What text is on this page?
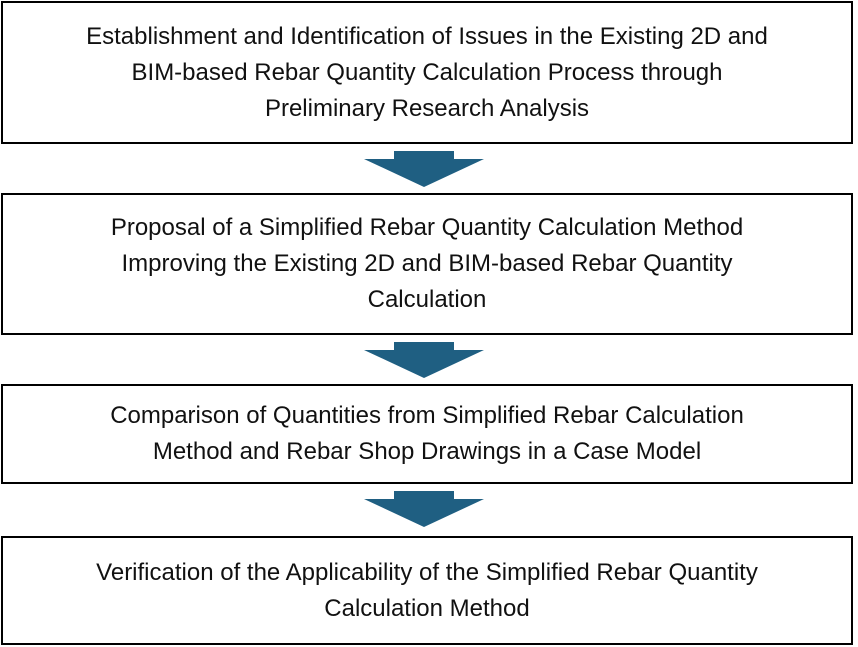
Establishment and Identification of Issues in the Existing 2D and
BIM-based Rebar Quantity Calculation Process through
Preliminary Research Analysis
Proposal of a Simplified Rebar Quantity Calculation Method
Improving the Existing 2D and BIM-based Rebar Quantity
Calculation
Comparison of Quantities from Simplified Rebar Calculation
Method and Rebar Shop Drawings in a Case Model
Verification of the Applicability of the Simplified Rebar Quantity
Calculation Method
